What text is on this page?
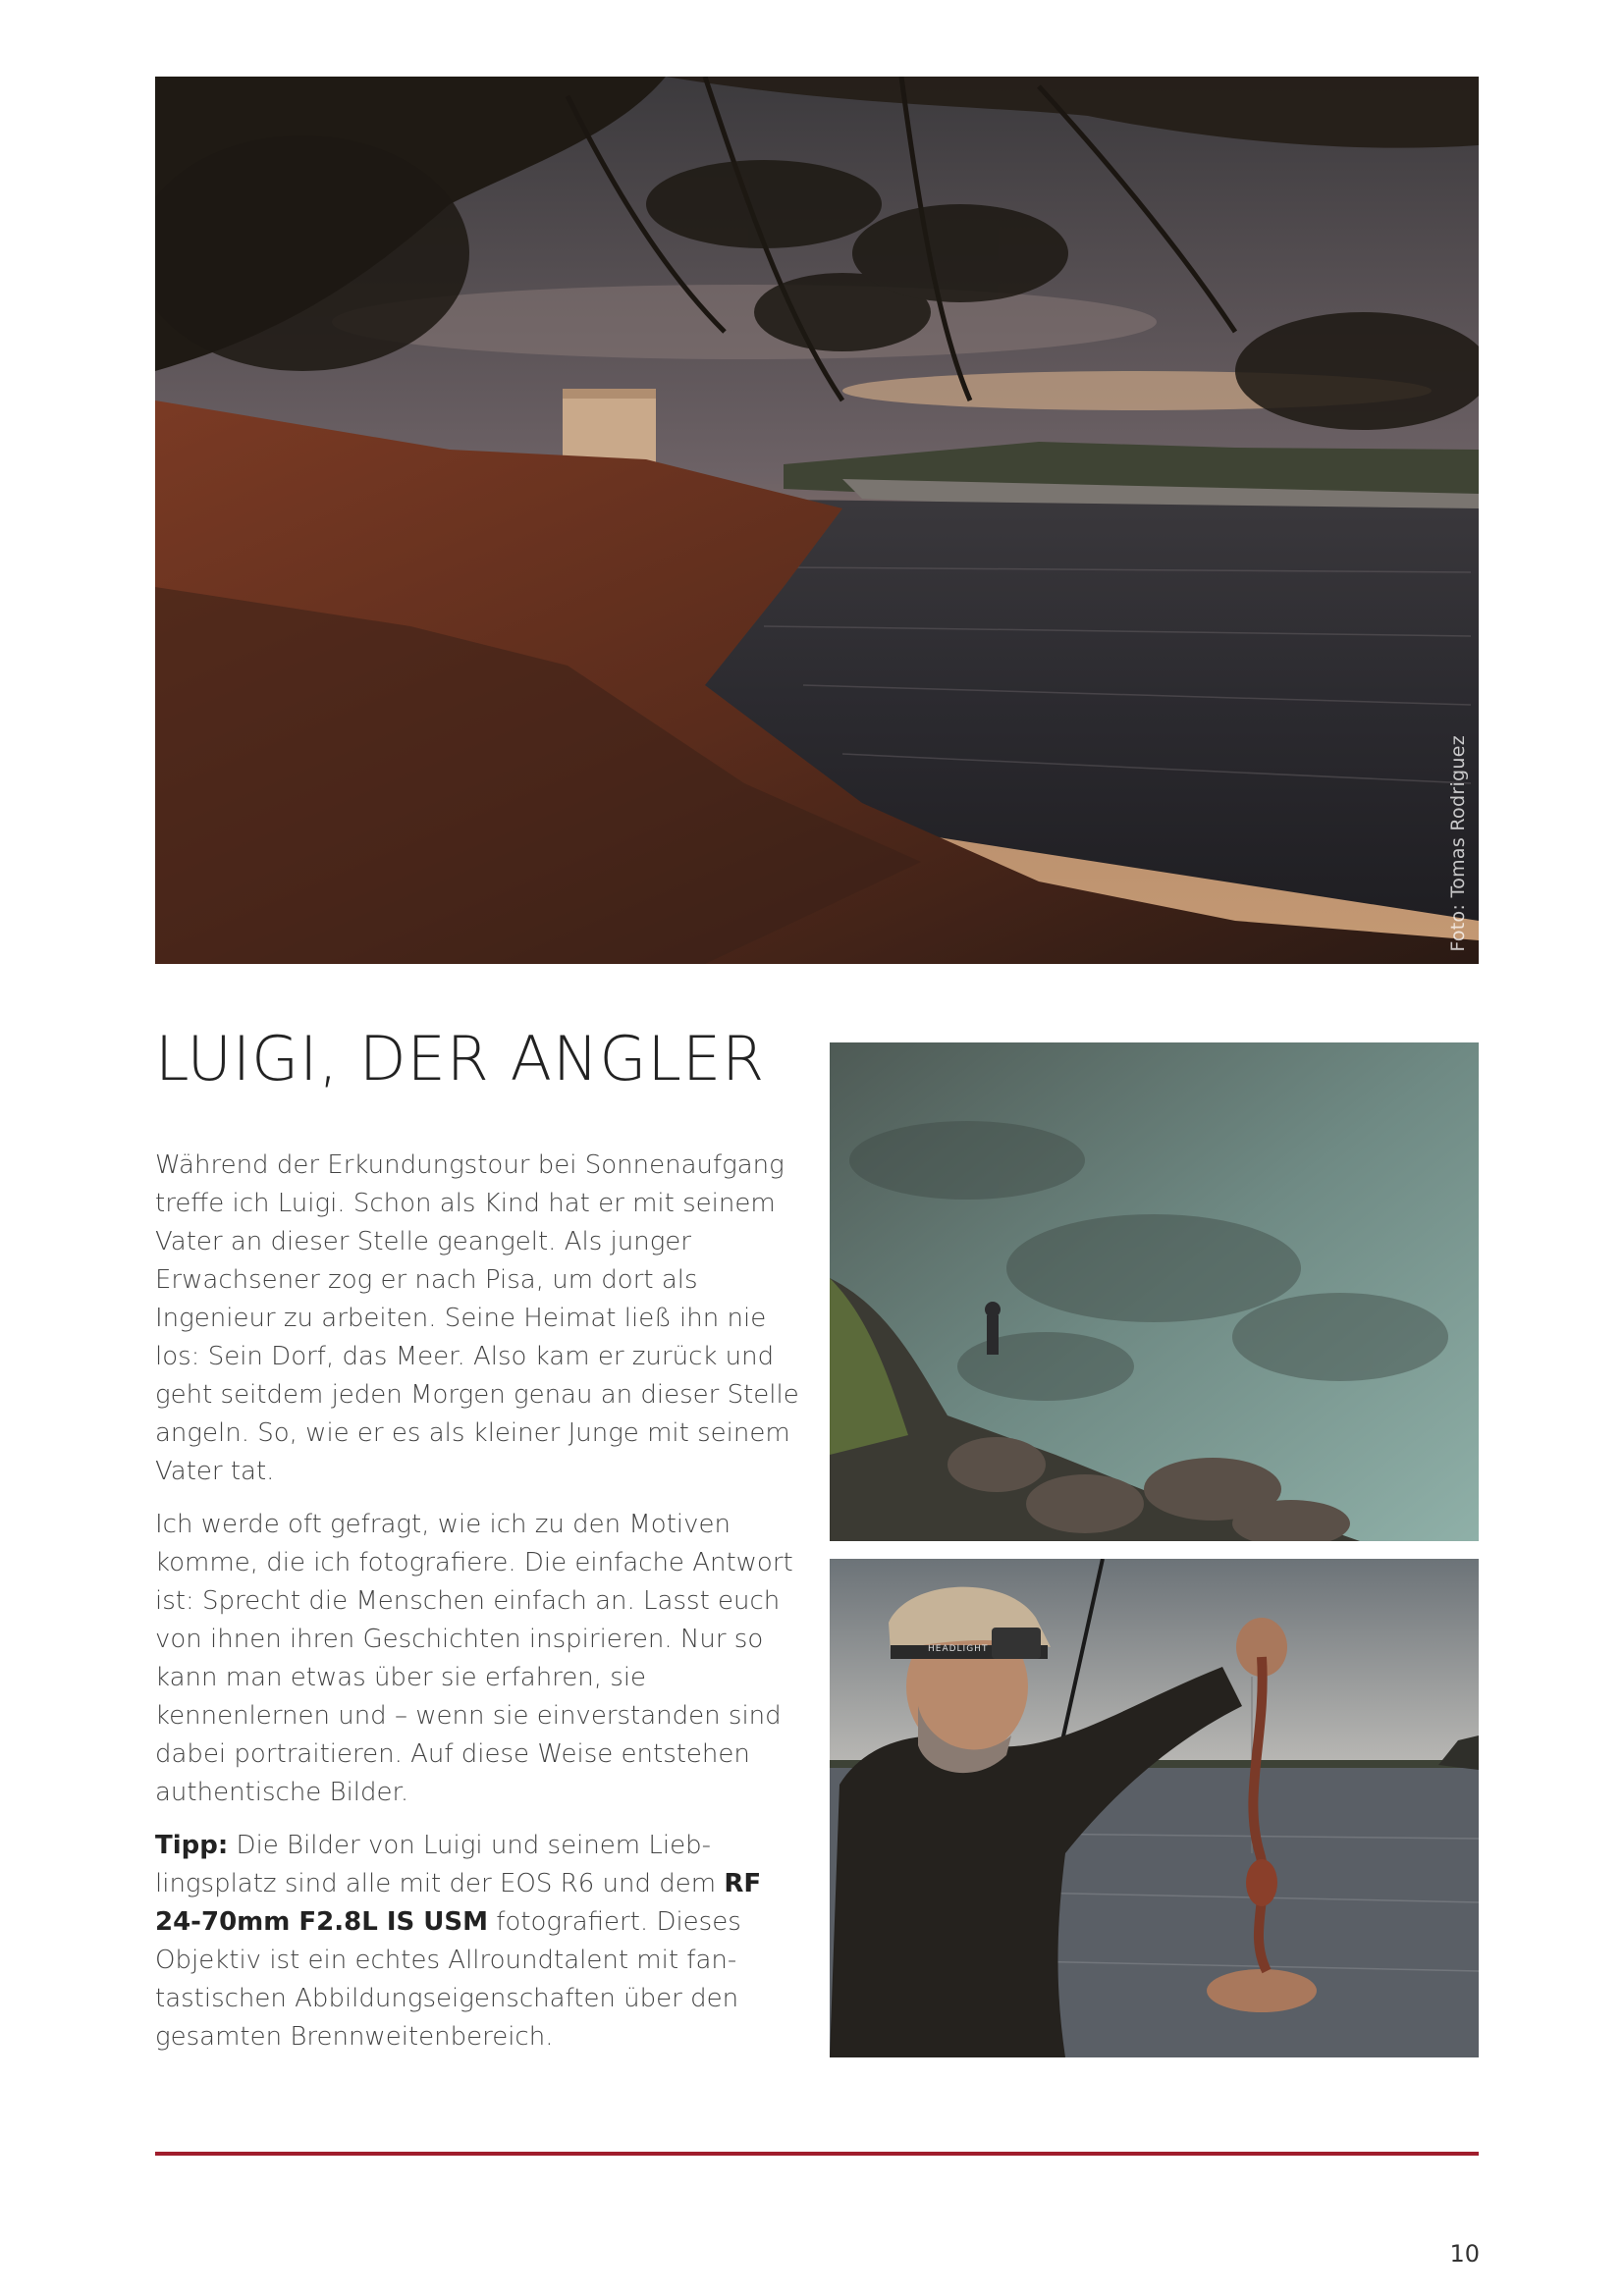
Foto: Tomas Rodriguez
LUIGI, DER ANGLER

Während der Erkundungstour bei Sonnenaufgang treffe ich Luigi. Schon als Kind hat er mit seinem Vater an dieser Stelle geangelt. Als junger Erwachsener zog er nach Pisa, um dort als Ingenieur zu arbeiten. Seine Heimat ließ ihn nie los: Sein Dorf, das Meer. Also kam er zurück und geht seitdem jeden Morgen genau an dieser Stelle angeln. So, wie er es als kleiner Junge mit seinem Vater tat.

Ich werde oft gefragt, wie ich zu den Motiven komme, die ich fotografiere. Die einfache Antwort ist: Sprecht die Menschen einfach an. Lasst euch von ihnen ihren Geschichten inspirieren. Nur so kann man etwas über sie erfahren, sie kennenlernen und – wenn sie einverstanden sind dabei portraitieren. Auf diese Weise entstehen authentische Bilder.

Tipp: Die Bilder von Luigi und seinem Lieblingsplatz sind alle mit der EOS R6 und dem RF 24-70mm F2.8L IS USM fotografiert. Dieses Objektiv ist ein echtes Allroundtalent mit fantastischen Abbildungseigenschaften über den gesamten Brennweitenbereich.

HEADLIGHT
10
